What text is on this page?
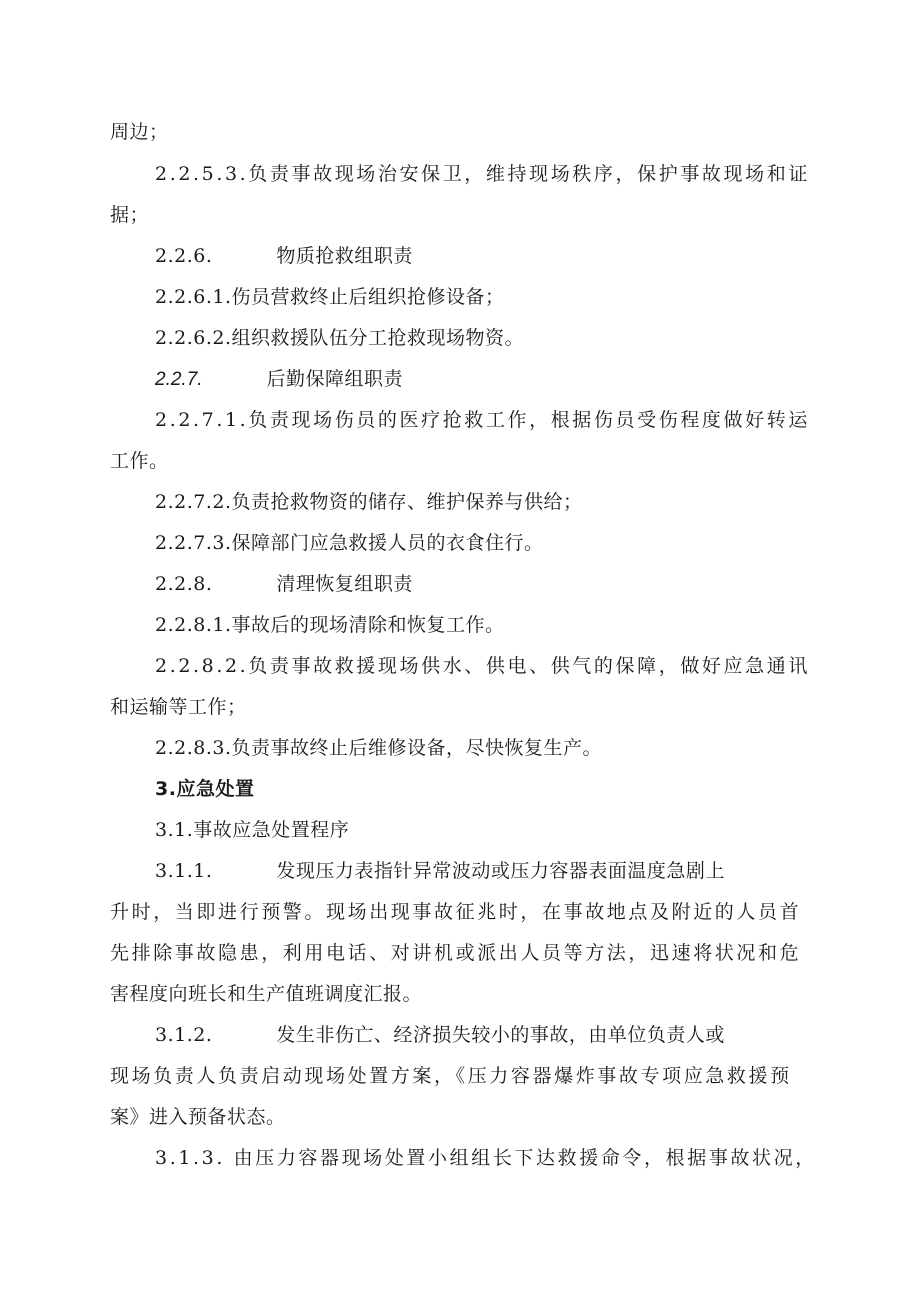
周边；
2.2.5.3.负责事故现场治安保卫，维持现场秩序，保护事故现场和证
据；
2.2.6.	物质抢救组职责
2.2.6.1.伤员营救终止后组织抢修设备；
2.2.6.2.组织救援队伍分工抢救现场物资。
2.2.7.	后勤保障组职责
2.2.7.1.负责现场伤员的医疗抢救工作，根据伤员受伤程度做好转运
工作。
2.2.7.2.负责抢救物资的储存、维护保养与供给；
2.2.7.3.保障部门应急救援人员的衣食住行。
2.2.8.	清理恢复组职责
2.2.8.1.事故后的现场清除和恢复工作。
2.2.8.2.负责事故救援现场供水、供电、供气的保障，做好应急通讯
和运输等工作；
2.2.8.3.负责事故终止后维修设备，尽快恢复生产。
3.应急处置
3.1.事故应急处置程序
3.1.1.	发现压力表指针异常波动或压力容器表面温度急剧上
升时，当即进行预警。现场出现事故征兆时，在事故地点及附近的人员首
先排除事故隐患，利用电话、对讲机或派出人员等方法，迅速将状况和危
害程度向班长和生产值班调度汇报。
3.1.2.	发生非伤亡、经济损失较小的事故，由单位负责人或
现场负责人负责启动现场处置方案，《压力容器爆炸事故专项应急救援预
案》进入预备状态。
3.1.3. 由压力容器现场处置小组组长下达救援命令，根据事故状况，
